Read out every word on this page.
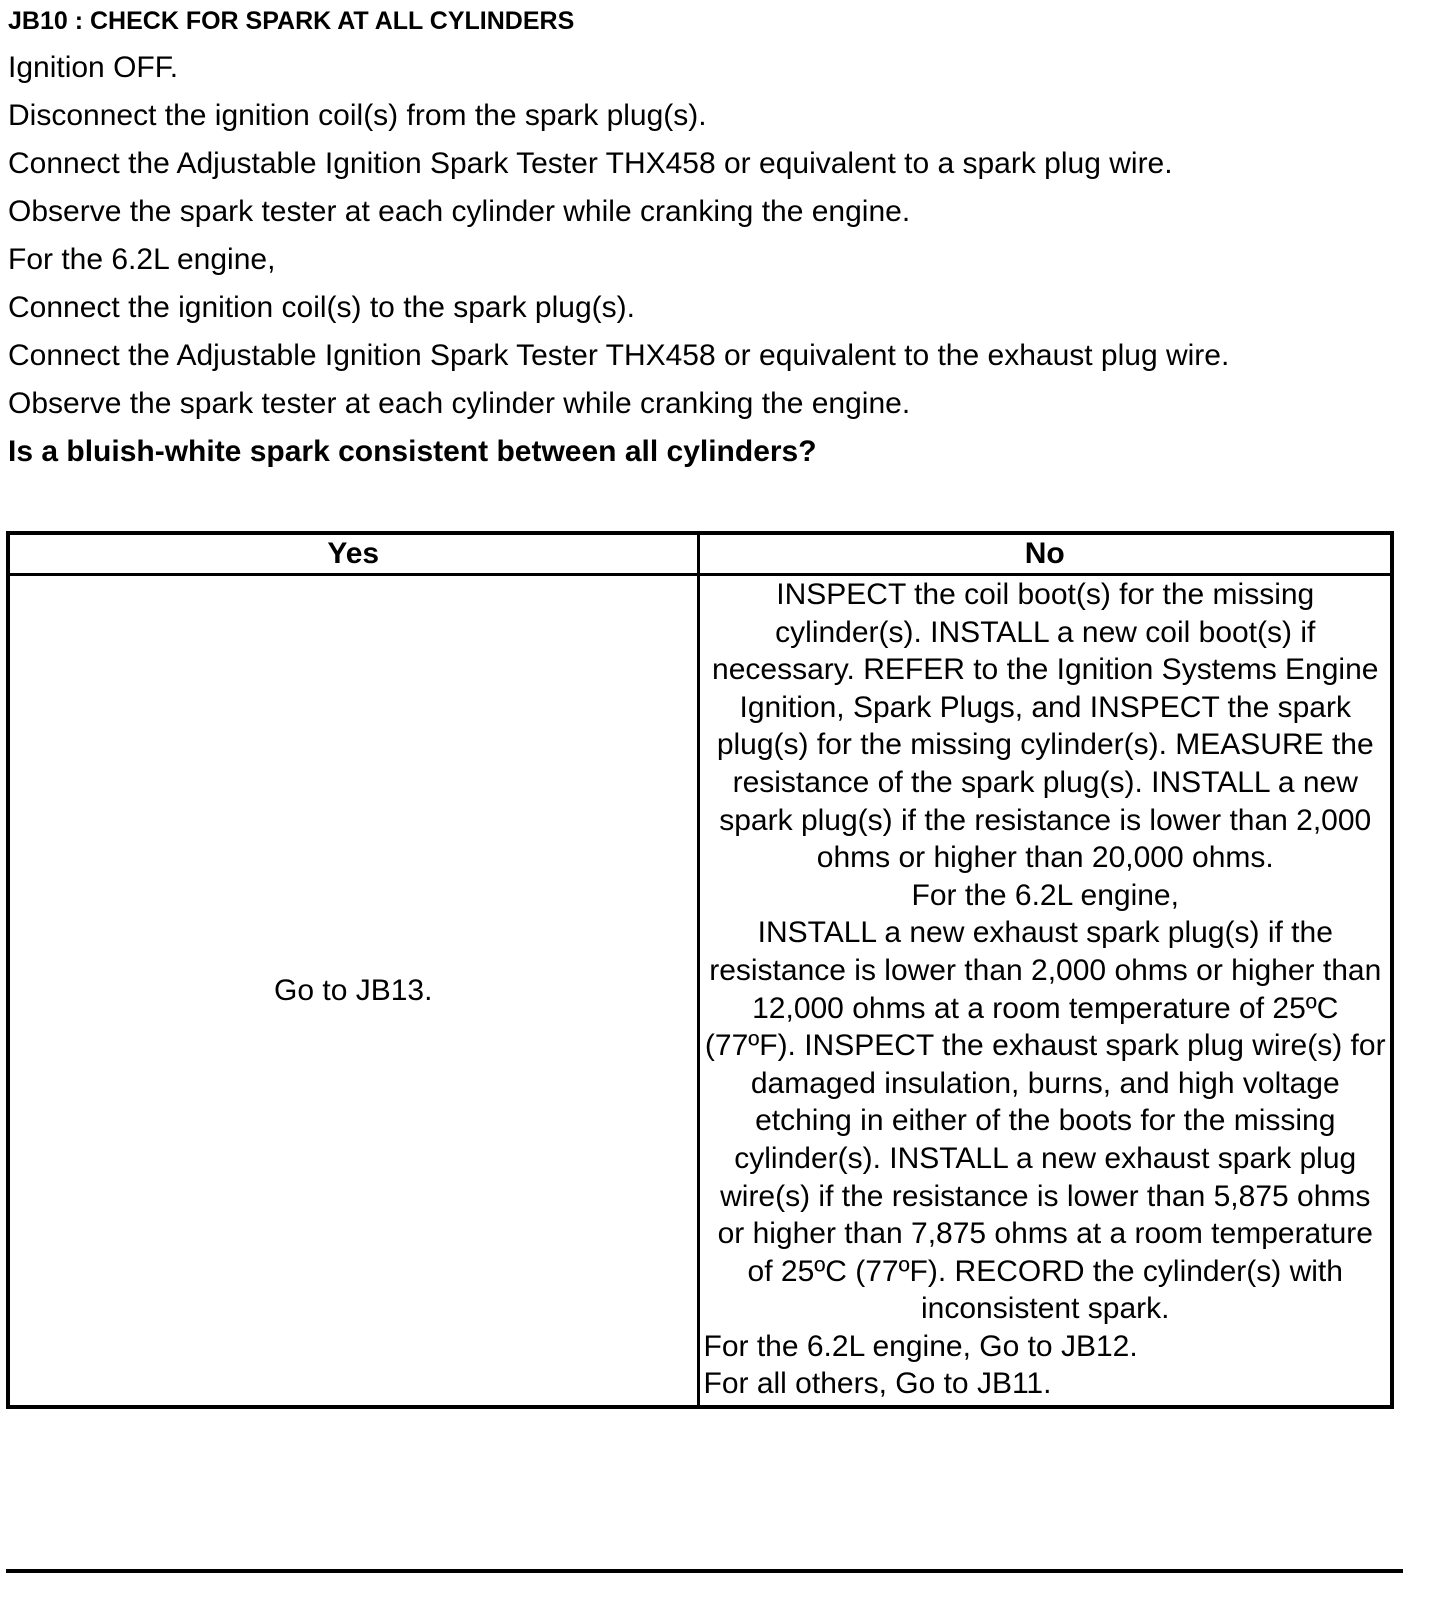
JB10 : CHECK FOR SPARK AT ALL CYLINDERS
Ignition OFF.
Disconnect the ignition coil(s) from the spark plug(s).
Connect the Adjustable Ignition Spark Tester THX458 or equivalent to a spark plug wire.
Observe the spark tester at each cylinder while cranking the engine.
For the 6.2L engine,
Connect the ignition coil(s) to the spark plug(s).
Connect the Adjustable Ignition Spark Tester THX458 or equivalent to the exhaust plug wire.
Observe the spark tester at each cylinder while cranking the engine.
Is a bluish-white spark consistent between all cylinders?
Yes	No
Go to JB13.	INSPECT the coil boot(s) for the missing cylinder(s). INSTALL a new coil boot(s) if necessary. REFER to the Ignition Systems Engine Ignition, Spark Plugs, and INSPECT the spark plug(s) for the missing cylinder(s). MEASURE the resistance of the spark plug(s). INSTALL a new spark plug(s) if the resistance is lower than 2,000 ohms or higher than 20,000 ohms.
For the 6.2L engine,
INSTALL a new exhaust spark plug(s) if the resistance is lower than 2,000 ohms or higher than 12,000 ohms at a room temperature of 25ºC (77ºF). INSPECT the exhaust spark plug wire(s) for damaged insulation, burns, and high voltage etching in either of the boots for the missing cylinder(s). INSTALL a new exhaust spark plug wire(s) if the resistance is lower than 5,875 ohms or higher than 7,875 ohms at a room temperature of 25ºC (77ºF). RECORD the cylinder(s) with inconsistent spark.
For the 6.2L engine, Go to JB12.
For all others, Go to JB11.
